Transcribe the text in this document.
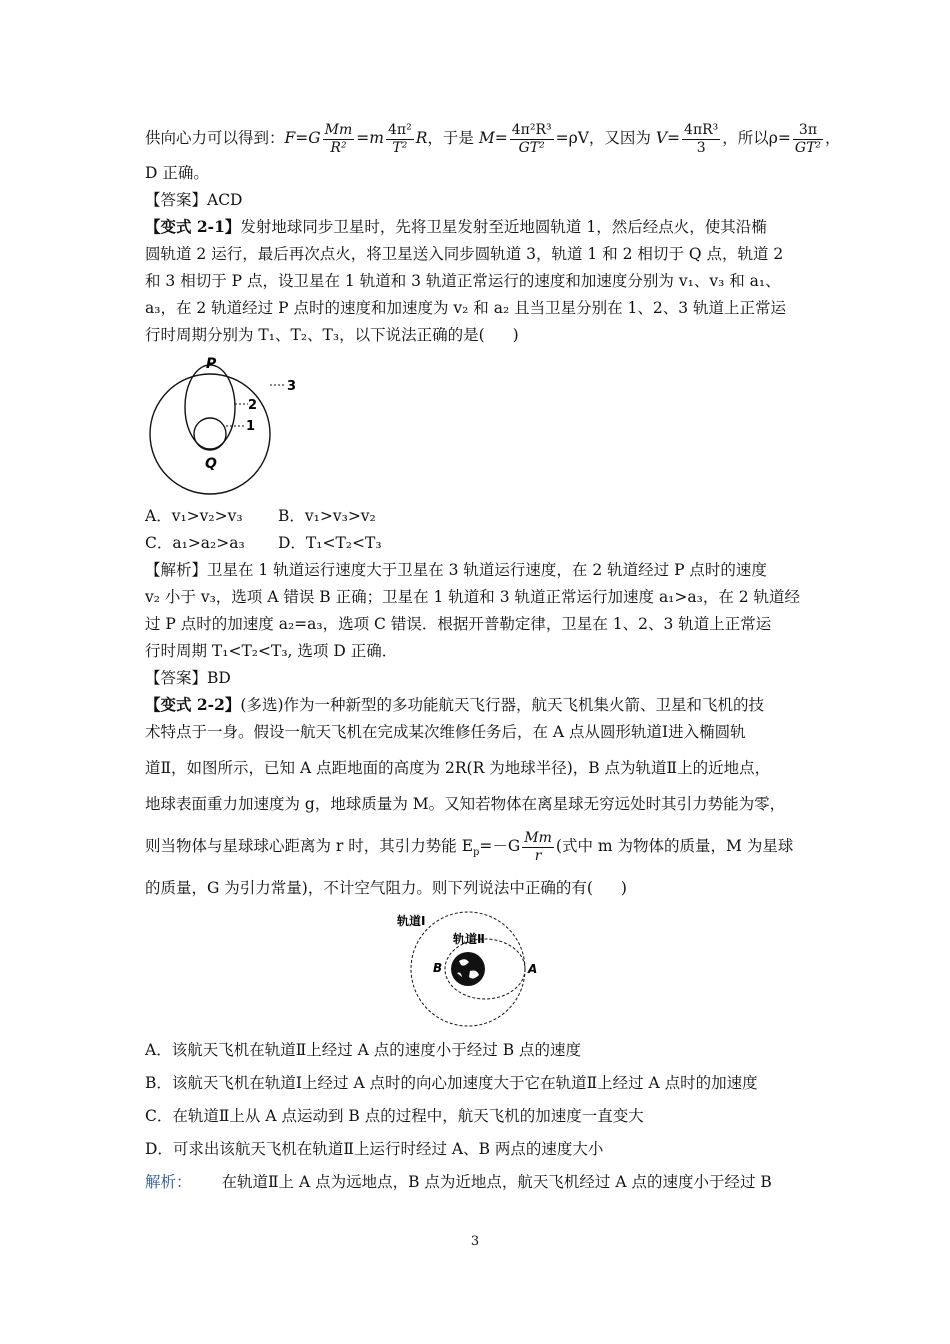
供向心力可以得到：$F=G \frac{Mm}{\text{R²}} =m \frac{\text{4π²}}{\text{T²}}$ R，于是 $M= \frac{\text{4π²R³}}{\text{GT²}} =\rho V$，又因为 $V= \frac{\text{4πR³}}{3}$ ，所以$\rho= \frac{3\pi}{\text{GT²}}$ ，
D 正确。
【答案】ACD
【变式 2-1】发射地球同步卫星时，先将卫星发射至近地圆轨道 1，然后经点火，使其沿椭
圆轨道 2 运行，最后再次点火，将卫星送入同步圆轨道 3，轨道 1 和 2 相切于 Q 点，轨道 2
和 3 相切于 P 点，设卫星在 1 轨道和 3 轨道正常运行的速度和加速度分别为 v₁、v₃ 和 a₁、
a₃，在 2 轨道经过 P 点时的速度和加速度为 v₂ 和 a₂ 且当卫星分别在 1、2、3 轨道上正常运
行时周期分别为 T₁、T₂、T₃，以下说法正确的是( )
P
Q
3
2
1
A．v₁>v₂>v₃ B．v₁>v₃>v₂
C．a₁>a₂>a₃ D．T₁<T₂<T₃
【解析】卫星在 1 轨道运行速度大于卫星在 3 轨道运行速度，在 2 轨道经过 P 点时的速度
v₂ 小于 v₃，选项 A 错误 B 正确；卫星在 1 轨道和 3 轨道正常运行加速度 a₁>a₃，在 2 轨道经
过 P 点时的加速度 a₂=a₃，选项 C 错误．根据开普勒定律，卫星在 1、2、3 轨道上正常运
行时周期 T₁<T₂<T₃, 选项 D 正确．
【答案】BD
【变式 2-2】(多选)作为一种新型的多功能航天飞行器，航天飞机集火箭、卫星和飞机的技
术特点于一身。假设一航天飞机在完成某次维修任务后，在 A 点从圆形轨道Ⅰ进入椭圆轨
道Ⅱ，如图所示，已知 A 点距地面的高度为 2R(R 为地球半径)，B 点为轨道Ⅱ上的近地点，
地球表面重力加速度为 g，地球质量为 M。又知若物体在离星球无穷远处时其引力势能为零，
则当物体与星球球心距离为 r 时，其引力势能 $E_p=-G \frac{Mm}{r}$ (式中 m 为物体的质量，M 为星球
的质量，G 为引力常量)，不计空气阻力。则下列说法中正确的有( )
轨道Ⅰ
轨道Ⅱ
B	A
A．该航天飞机在轨道Ⅱ上经过 A 点的速度小于经过 B 点的速度
B．该航天飞机在轨道Ⅰ上经过 A 点时的向心加速度大于它在轨道Ⅱ上经过 A 点时的加速度
C．在轨道Ⅱ上从 A 点运动到 B 点的过程中，航天飞机的加速度一直变大
D．可求出该航天飞机在轨道Ⅱ上运行时经过 A、B 两点的速度大小
解析： 在轨道Ⅱ上 A 点为远地点，B 点为近地点，航天飞机经过 A 点的速度小于经过 B
3
